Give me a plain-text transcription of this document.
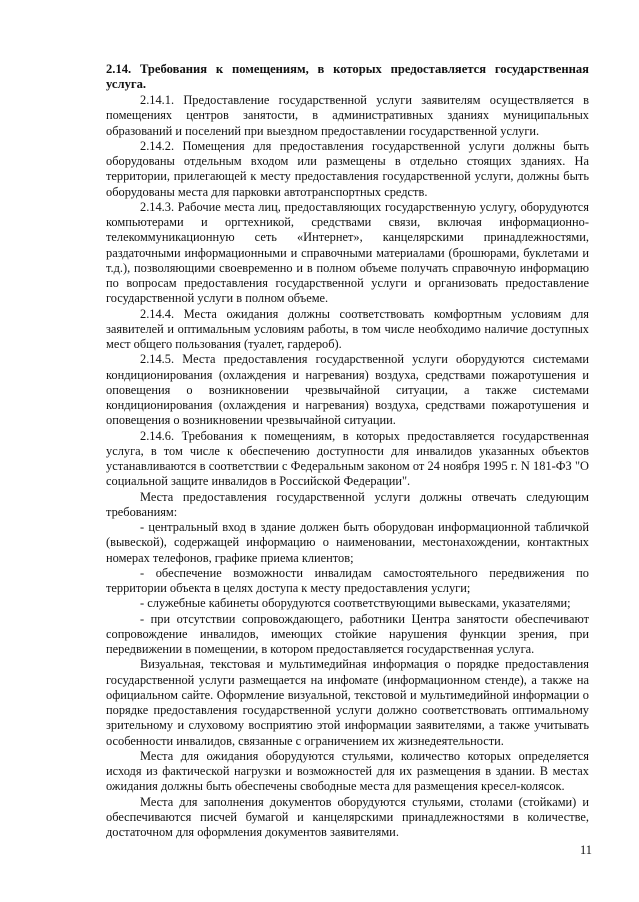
2.14. Требования к помещениям, в которых предоставляется государственная услуга.

2.14.1. Предоставление государственной услуги заявителям осуществляется в помещениях центров занятости, в административных зданиях муниципальных образований и поселений при выездном предоставлении государственной услуги.

2.14.2. Помещения для предоставления государственной услуги должны быть оборудованы отдельным входом или размещены в отдельно стоящих зданиях. На территории, прилегающей к месту предоставления государственной услуги, должны быть оборудованы места для парковки автотранспортных средств.

2.14.3. Рабочие места лиц, предоставляющих государственную услугу, оборудуются компьютерами и оргтехникой, средствами связи, включая информационно-телекоммуникационную сеть «Интернет», канцелярскими принадлежностями, раздаточными информационными и справочными материалами (брошюрами, буклетами и т.д.), позволяющими своевременно и в полном объеме получать справочную информацию по вопросам предоставления государственной услуги и организовать предоставление государственной услуги в полном объеме.

2.14.4. Места ожидания должны соответствовать комфортным условиям для заявителей и оптимальным условиям работы, в том числе необходимо наличие доступных мест общего пользования (туалет, гардероб).

2.14.5. Места предоставления государственной услуги оборудуются системами кондиционирования (охлаждения и нагревания) воздуха, средствами пожаротушения и оповещения о возникновении чрезвычайной ситуации, а также системами кондиционирования (охлаждения и нагревания) воздуха, средствами пожаротушения и оповещения о возникновении чрезвычайной ситуации.

2.14.6. Требования к помещениям, в которых предоставляется государственная услуга, в том числе к обеспечению доступности для инвалидов указанных объектов устанавливаются в соответствии с Федеральным законом от 24 ноября 1995 г. N 181-ФЗ "О социальной защите инвалидов в Российской Федерации".

Места предоставления государственной услуги должны отвечать следующим требованиям:

- центральный вход в здание должен быть оборудован информационной табличкой (вывеской), содержащей информацию о наименовании, местонахождении, контактных номерах телефонов, графике приема клиентов;

- обеспечение возможности инвалидам самостоятельного передвижения по территории объекта в целях доступа к месту предоставления услуги;

- служебные кабинеты оборудуются соответствующими вывесками, указателями;

- при отсутствии сопровождающего, работники Центра занятости обеспечивают сопровождение инвалидов, имеющих стойкие нарушения функции зрения, при передвижении в помещении, в котором предоставляется государственная услуга.

Визуальная, текстовая и мультимедийная информация о порядке предоставления государственной услуги размещается на инфомате (информационном стенде), а также на официальном сайте. Оформление визуальной, текстовой и мультимедийной информации о порядке предоставления государственной услуги должно соответствовать оптимальному зрительному и слуховому восприятию этой информации заявителями, а также учитывать особенности инвалидов, связанные с ограничением их жизнедеятельности.

Места для ожидания оборудуются стульями, количество которых определяется исходя из фактической нагрузки и возможностей для их размещения в здании. В местах ожидания должны быть обеспечены свободные места для размещения кресел-колясок.

Места для заполнения документов оборудуются стульями, столами (стойками) и обеспечиваются писчей бумагой и канцелярскими принадлежностями в количестве, достаточном для оформления документов заявителями.

11
